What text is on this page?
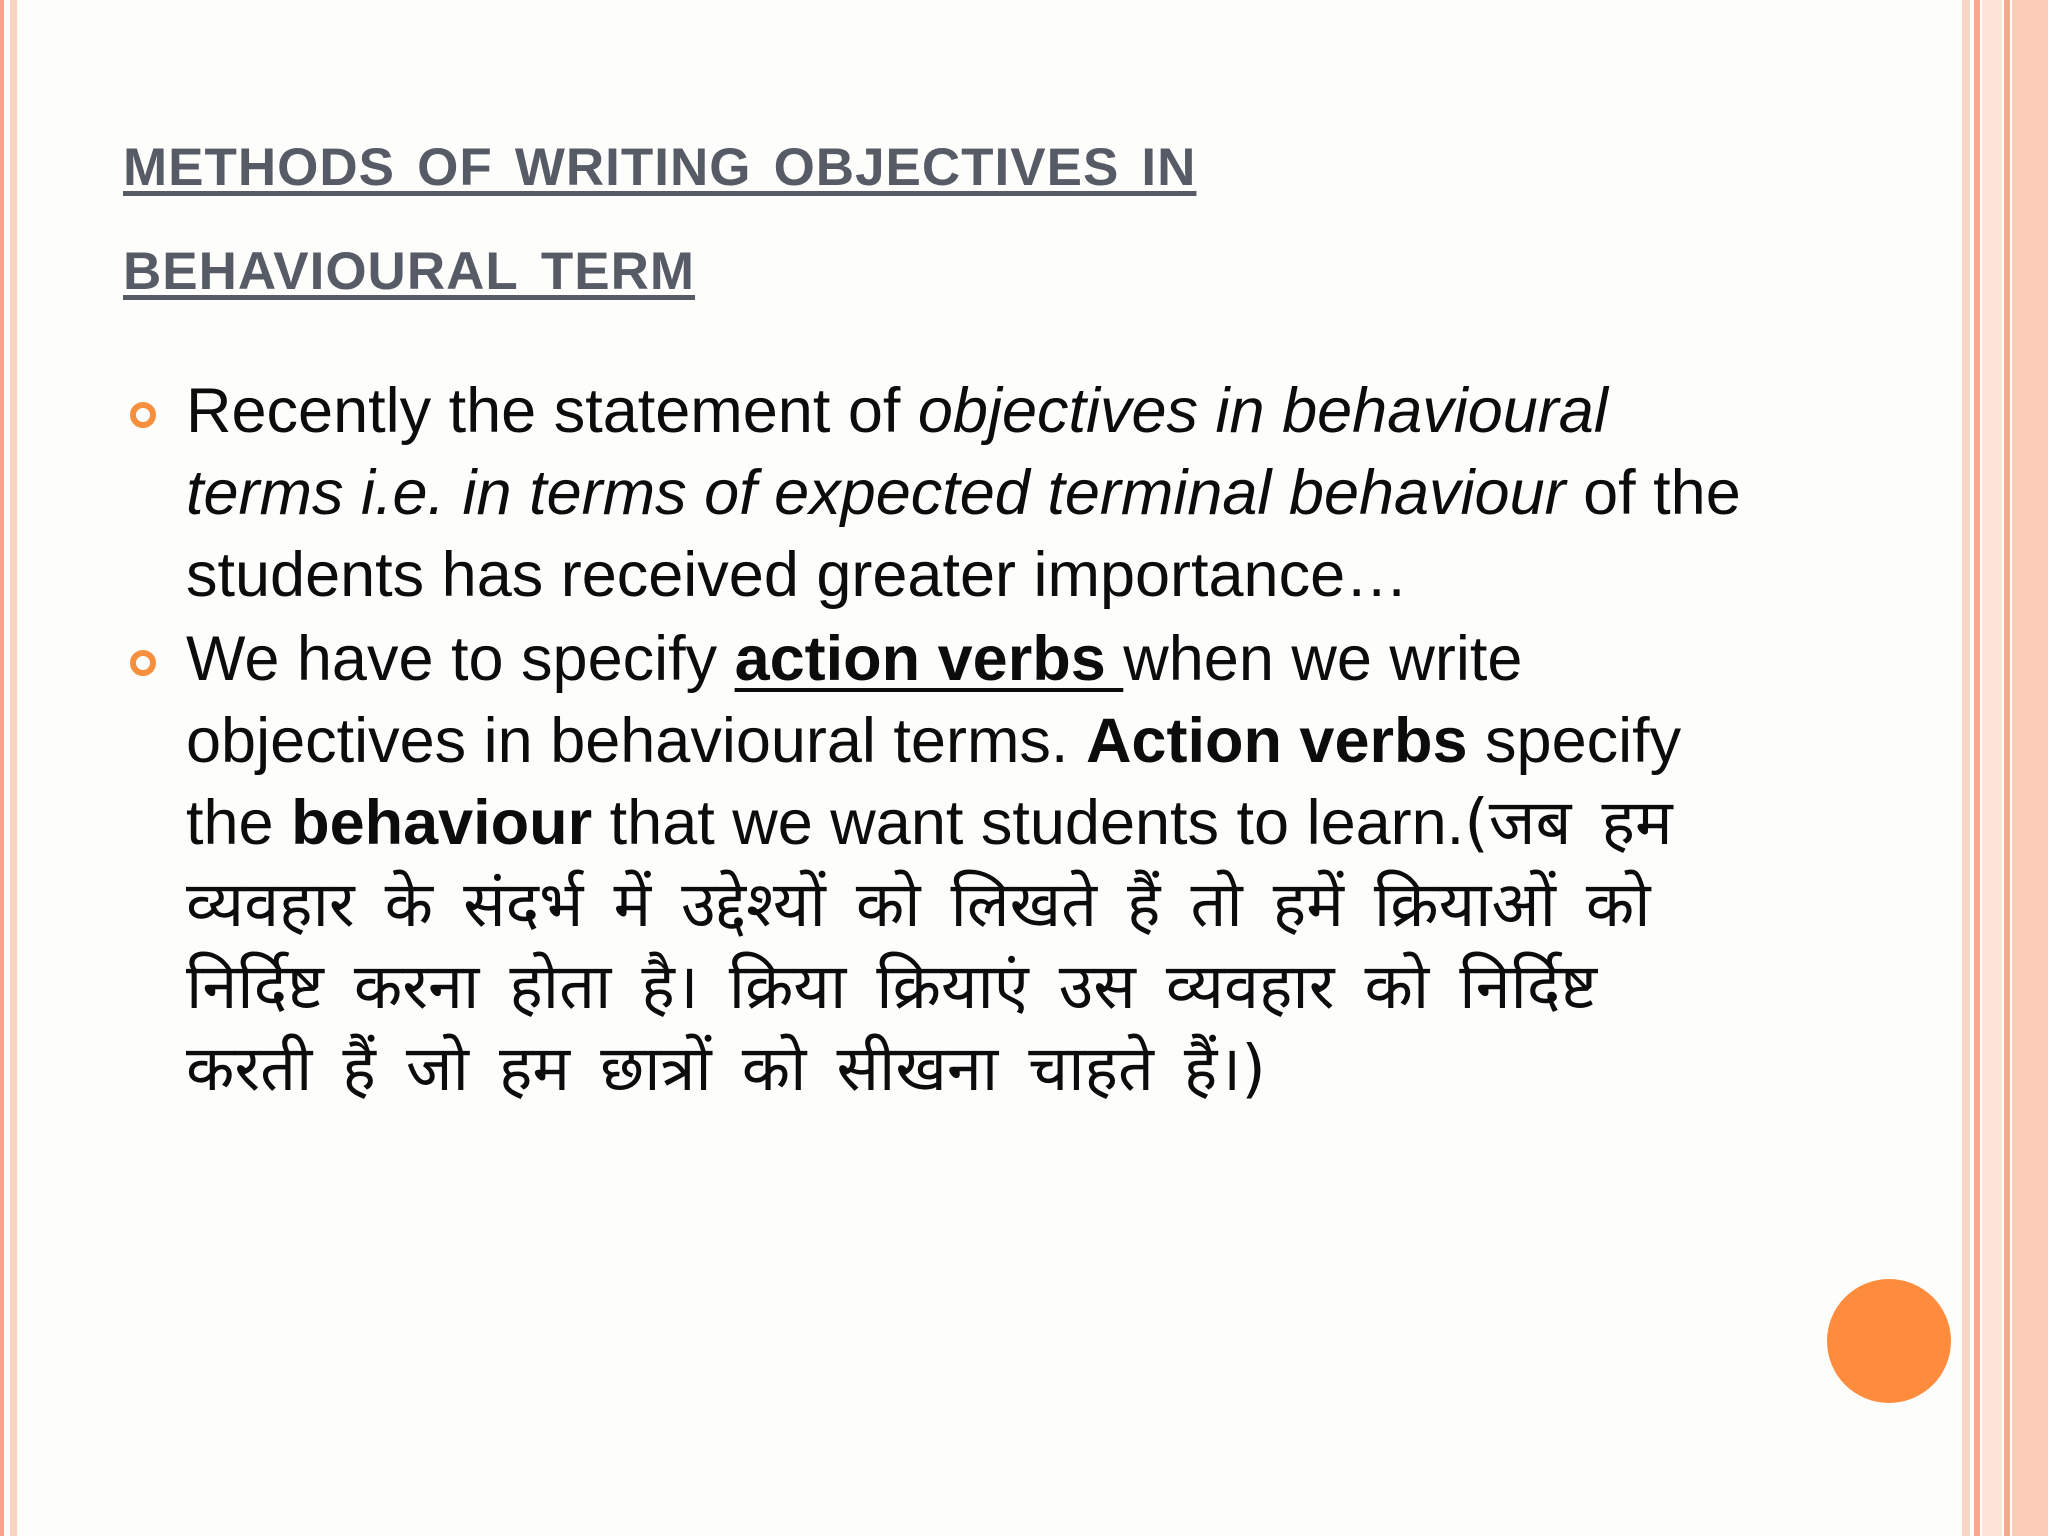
methods of writing objectives in
behavioural term
Recently the statement of objectives in behavioural terms i.e. in terms of expected terminal behaviour of the students has received greater importance…
We have to specify action verbs when we write objectives in behavioural terms. Action verbs specify the behaviour that we want students to learn.(जब हम व्यवहार के संदर्भ में उद्देश्यों को लिखते हैं तो हमें क्रियाओं को निर्दिष्ट करना होता है। क्रिया क्रियाएं उस व्यवहार को निर्दिष्ट करती हैं जो हम छात्रों को सीखना चाहते हैं।)
